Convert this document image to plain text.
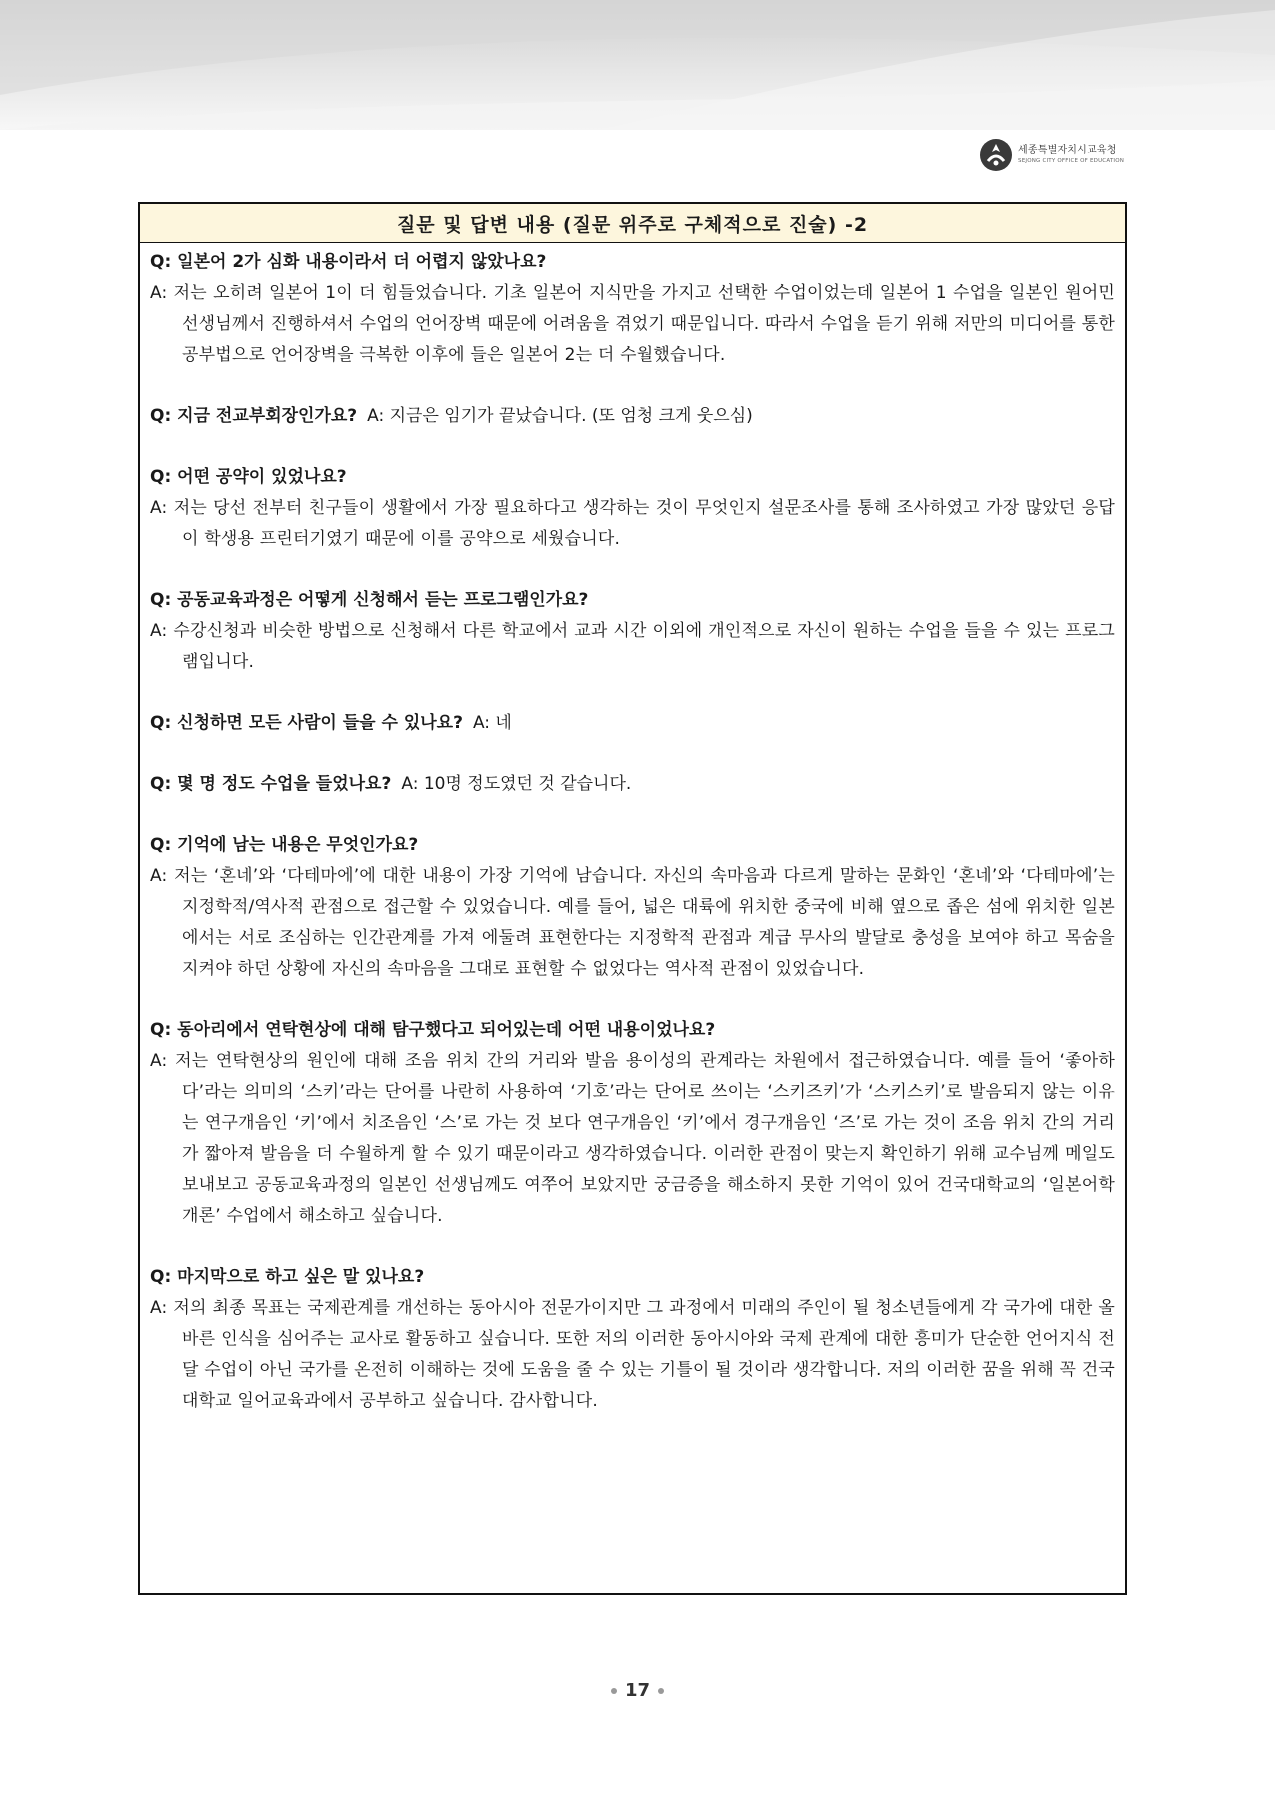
세종특별자치시교육청
SEJONG CITY OFFICE OF EDUCATION
질문 및 답변 내용 (질문 위주로 구체적으로 진술) -2
Q: 일본어 2가 심화 내용이라서 더 어렵지 않았나요?
A: 저는 오히려 일본어 1이 더 힘들었습니다. 기초 일본어 지식만을 가지고 선택한 수업이었는데 일본어 1 수업을 일본인 원어민 선생님께서 진행하셔서 수업의 언어장벽 때문에 어려움을 겪었기 때문입니다. 따라서 수업을 듣기 위해 저만의 미디어를 통한 공부법으로 언어장벽을 극복한 이후에 들은 일본어 2는 더 수월했습니다.
Q: 지금 전교부회장인가요? A: 지금은 임기가 끝났습니다. (또 엄청 크게 웃으심)
Q: 어떤 공약이 있었나요?
A: 저는 당선 전부터 친구들이 생활에서 가장 필요하다고 생각하는 것이 무엇인지 설문조사를 통해 조사하였고 가장 많았던 응답이 학생용 프린터기였기 때문에 이를 공약으로 세웠습니다.
Q: 공동교육과정은 어떻게 신청해서 듣는 프로그램인가요?
A: 수강신청과 비슷한 방법으로 신청해서 다른 학교에서 교과 시간 이외에 개인적으로 자신이 원하는 수업을 들을 수 있는 프로그램입니다.
Q: 신청하면 모든 사람이 들을 수 있나요? A: 네
Q: 몇 명 정도 수업을 들었나요? A: 10명 정도였던 것 같습니다.
Q: 기억에 남는 내용은 무엇인가요?
A: 저는 ‘혼네’와 ‘다테마에’에 대한 내용이 가장 기억에 남습니다. 자신의 속마음과 다르게 말하는 문화인 ‘혼네’와 ‘다테마에’는 지정학적/역사적 관점으로 접근할 수 있었습니다. 예를 들어, 넓은 대륙에 위치한 중국에 비해 옆으로 좁은 섬에 위치한 일본에서는 서로 조심하는 인간관계를 가져 에둘려 표현한다는 지정학적 관점과 계급 무사의 발달로 충성을 보여야 하고 목숨을 지켜야 하던 상황에 자신의 속마음을 그대로 표현할 수 없었다는 역사적 관점이 있었습니다.
Q: 동아리에서 연탁현상에 대해 탐구했다고 되어있는데 어떤 내용이었나요?
A: 저는 연탁현상의 원인에 대해 조음 위치 간의 거리와 발음 용이성의 관계라는 차원에서 접근하였습니다. 예를 들어 ‘좋아하다’라는 의미의 ‘스키’라는 단어를 나란히 사용하여 ‘기호’라는 단어로 쓰이는 ‘스키즈키’가 ‘스키스키’로 발음되지 않는 이유는 연구개음인 ‘키’에서 치조음인 ‘스’로 가는 것 보다 연구개음인 ‘키’에서 경구개음인 ‘즈’로 가는 것이 조음 위치 간의 거리가 짧아져 발음을 더 수월하게 할 수 있기 때문이라고 생각하였습니다. 이러한 관점이 맞는지 확인하기 위해 교수님께 메일도 보내보고 공동교육과정의 일본인 선생님께도 여쭈어 보았지만 궁금증을 해소하지 못한 기억이 있어 건국대학교의 ‘일본어학개론’ 수업에서 해소하고 싶습니다.
Q: 마지막으로 하고 싶은 말 있나요?
A: 저의 최종 목표는 국제관계를 개선하는 동아시아 전문가이지만 그 과정에서 미래의 주인이 될 청소년들에게 각 국가에 대한 올바른 인식을 심어주는 교사로 활동하고 싶습니다. 또한 저의 이러한 동아시아와 국제 관계에 대한 흥미가 단순한 언어지식 전달 수업이 아닌 국가를 온전히 이해하는 것에 도움을 줄 수 있는 기틀이 될 것이라 생각합니다. 저의 이러한 꿈을 위해 꼭 건국대학교 일어교육과에서 공부하고 싶습니다. 감사합니다.
17
